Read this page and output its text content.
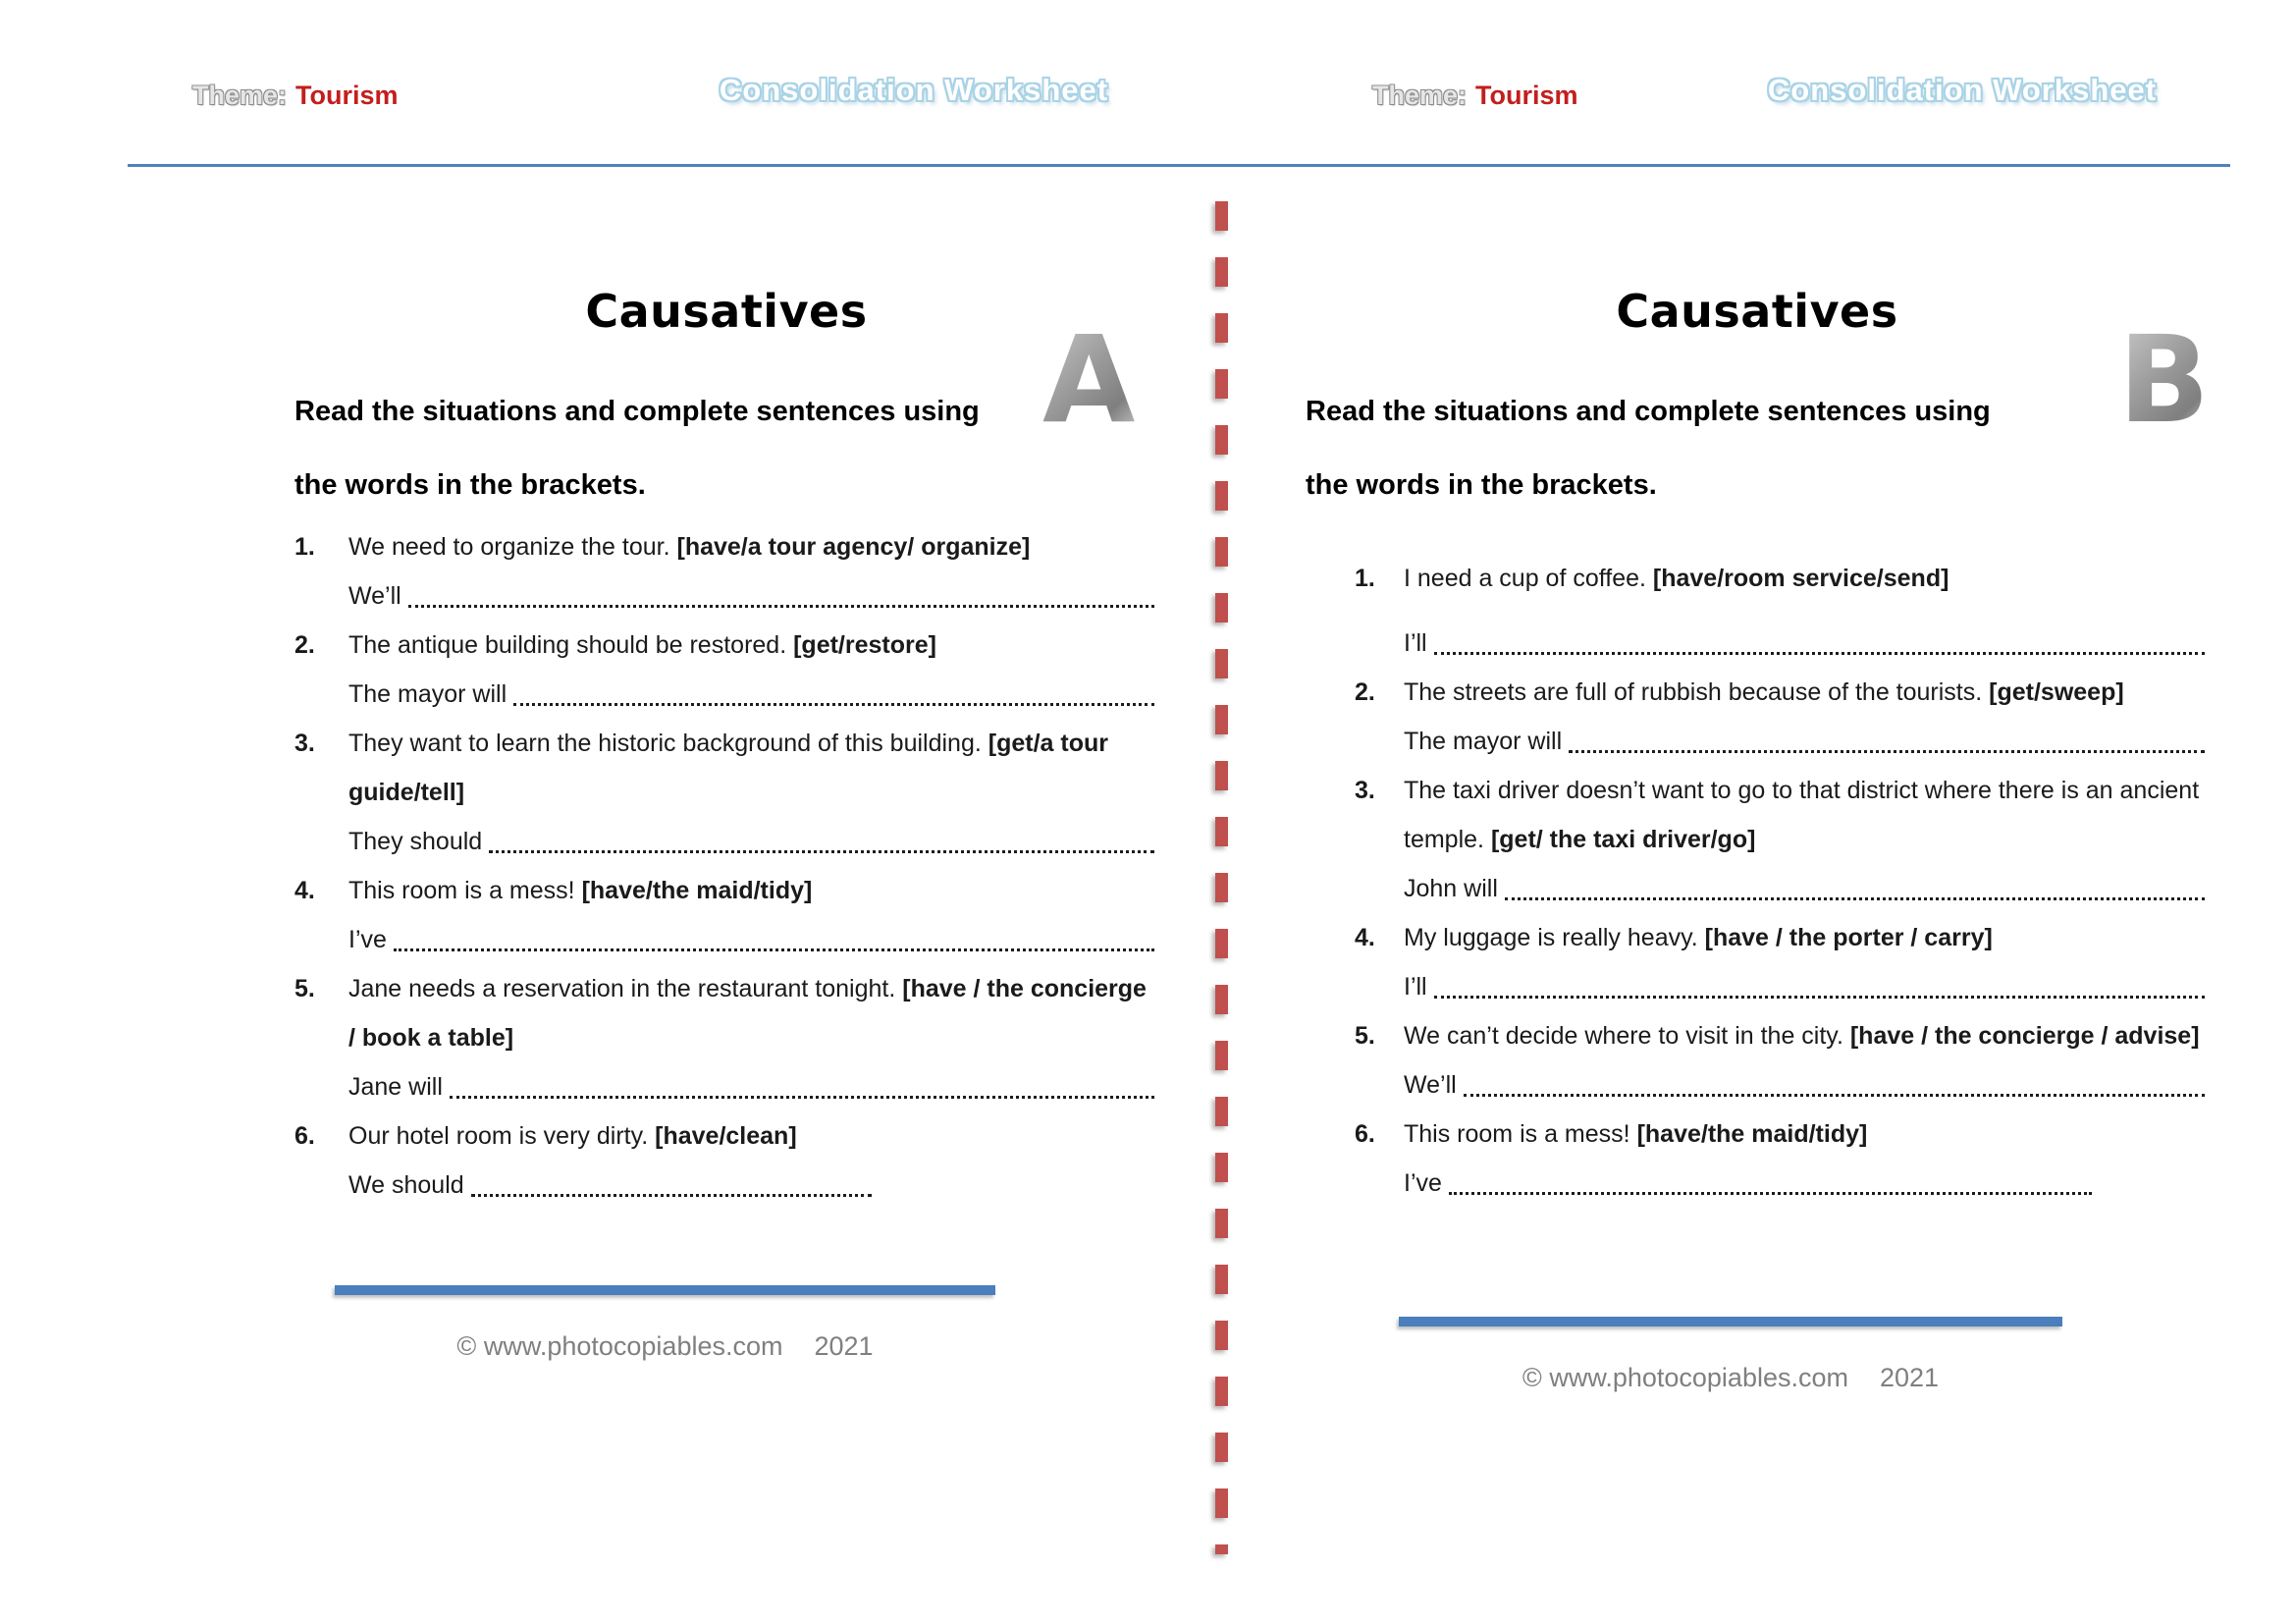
Theme: Tourism	Consolidation Worksheet	Theme: Tourism	Consolidation Worksheet
A	B
Causatives
Read the situations and complete sentences using
the words in the brackets.
1.	We need to organize the tour. [have/a tour agency/ organize]
We’ll
2.	The antique building should be restored. [get/restore]
The mayor will
3.	They want to learn the historic background of this building. [get/a tour guide/tell]
They should
4.	This room is a mess! [have/the maid/tidy]
I’ve
5.	Jane needs a reservation in the restaurant tonight. [have / the concierge / book a table]
Jane will
6.	Our hotel room is very dirty. [have/clean]
We should
Causatives
Read the situations and complete sentences using
the words in the brackets.
1.	I need a cup of coffee. [have/room service/send]
I’ll
2.	The streets are full of rubbish because of the tourists. [get/sweep]
The mayor will
3.	The taxi driver doesn’t want to go to that district where there is an ancient temple. [get/ the taxi driver/go]
John will
4.	My luggage is really heavy. [have / the porter / carry]
I’ll
5.	We can’t decide where to visit in the city. [have / the concierge / advise]
We’ll
6.	This room is a mess! [have/the maid/tidy]
I’ve
© www.photocopiables.com 2021
© www.photocopiables.com 2021
